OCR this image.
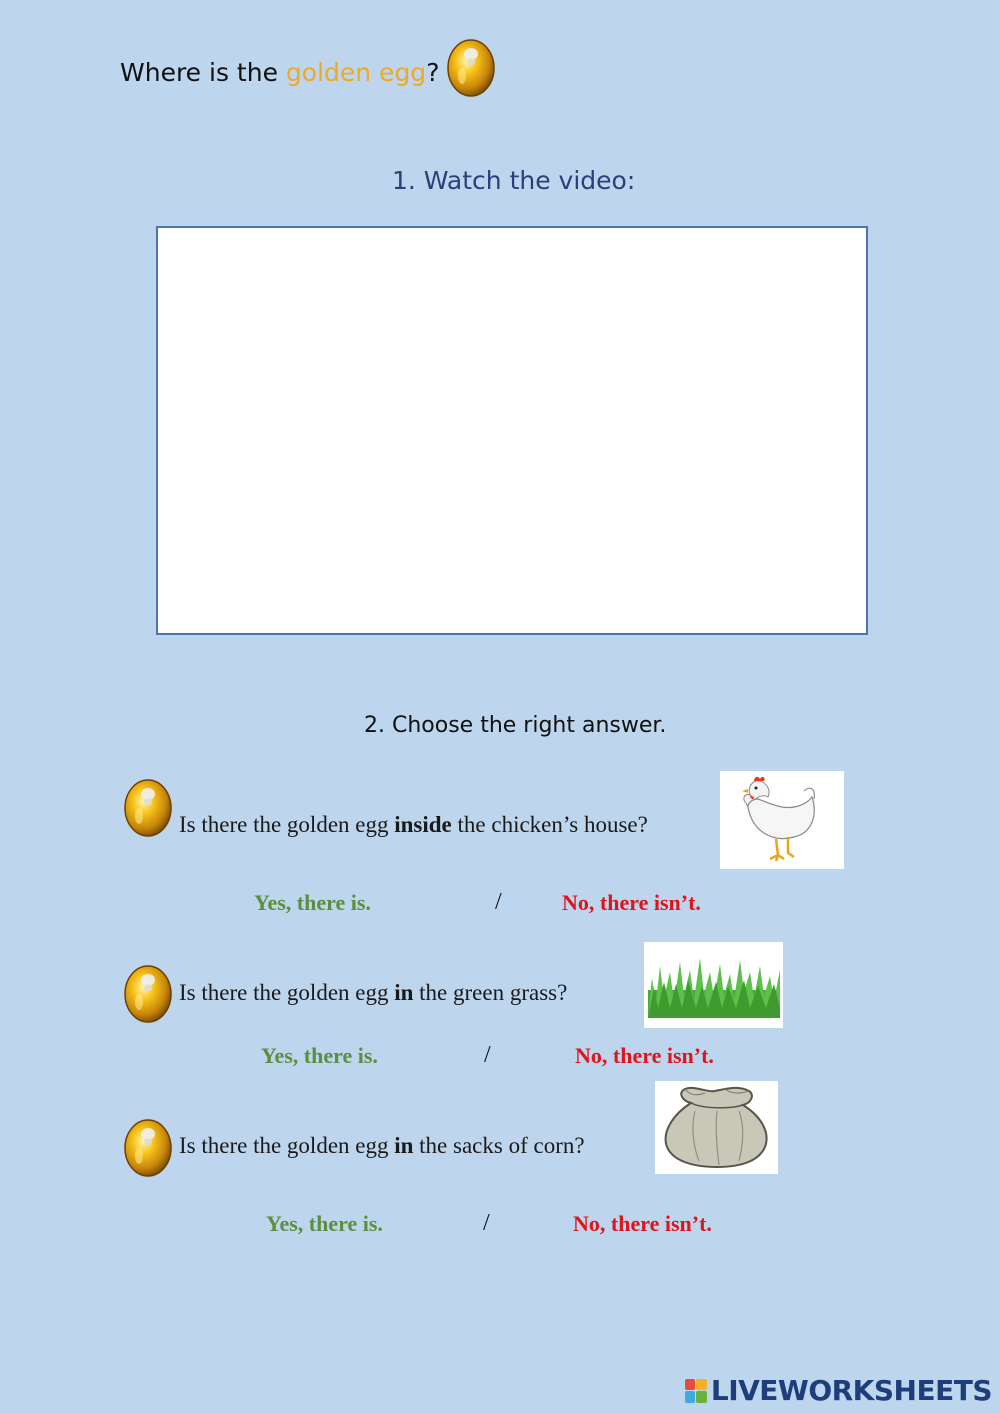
Where is the golden egg?
1. Watch the video:
2. Choose the right answer.
Is there the golden egg inside the chicken’s house?
Yes, there is.	/	No, there isn’t.
Is there the golden egg in the green grass?
Yes, there is.	/	No, there isn’t.
Is there the golden egg in the sacks of corn?
Yes, there is.	/	No, there isn’t.
LIVEWORKSHEETS
